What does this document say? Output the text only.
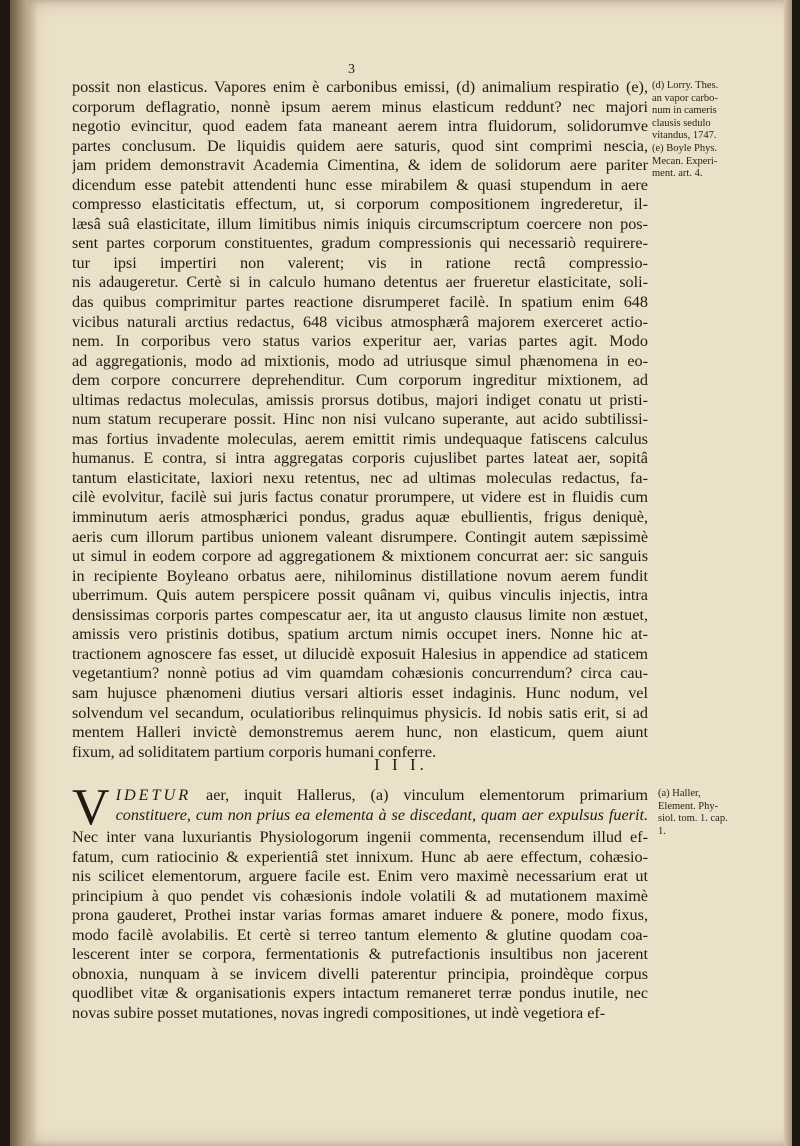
3
possit non elasticus. Vapores enim è carbonibus emissi, (d) animalium respiratio (e),
corporum deflagratio, nonnè ipsum aerem minus elasticum reddunt? nec majori
negotio evincitur, quod eadem fata maneant aerem intra fluidorum, solidorumve
partes conclusum. De liquidis quidem aere saturis, quod sint comprimi nescia,
jam pridem demonstravit Academia Cimentina, & idem de solidorum aere pariter
dicendum esse patebit attendenti hunc esse mirabilem & quasi stupendum in aere
compresso elasticitatis effectum, ut, si corporum compositionem ingrederetur, il-
læsâ suâ elasticitate, illum limitibus nimis iniquis circumscriptum coercere non pos-
sent partes corporum constituentes, gradum compressionis qui necessariò requirere-
tur ipsi impertiri non valerent; vis in ratione rectâ compressio-
nis adaugeretur. Certè si in calculo humano detentus aer frueretur elasticitate, soli-
das quibus comprimitur partes reactione disrumperet facilè. In spatium enim 648
vicibus naturali arctius redactus, 648 vicibus atmosphærâ majorem exerceret actio-
nem. In corporibus vero status varios experitur aer, varias partes agit. Modo
ad aggregationis, modo ad mixtionis, modo ad utriusque simul phænomena in eo-
dem corpore concurrere deprehenditur. Cum corporum ingreditur mixtionem, ad
ultimas redactus moleculas, amissis prorsus dotibus, majori indiget conatu ut pristi-
num statum recuperare possit. Hinc non nisi vulcano superante, aut acido subtilissi-
mas fortius invadente moleculas, aerem emittit rimis undequaque fatiscens calculus
humanus. E contra, si intra aggregatas corporis cujuslibet partes lateat aer, sopitâ
tantum elasticitate, laxiori nexu retentus, nec ad ultimas moleculas redactus, fa-
cilè evolvitur, facilè sui juris factus conatur prorumpere, ut videre est in fluidis cum
imminutum aeris atmosphærici pondus, gradus aquæ ebullientis, frigus deniquè,
aeris cum illorum partibus unionem valeant disrumpere. Contingit autem sæpissimè
ut simul in eodem corpore ad aggregationem & mixtionem concurrat aer: sic sanguis
in recipiente Boyleano orbatus aere, nihilominus distillatione novum aerem fundit
uberrimum. Quis autem perspicere possit quânam vi, quibus vinculis injectis, intra
densissimas corporis partes compescatur aer, ita ut angusto clausus limite non æstuet,
amissis vero pristinis dotibus, spatium arctum nimis occupet iners. Nonne hic at-
tractionem agnoscere fas esset, ut dilucidè exposuit Halesius in appendice ad staticem
vegetantium? nonnè potius ad vim quamdam cohæsionis concurrendum? circa cau-
sam hujusce phænomeni diutius versari altioris esset indaginis. Hunc nodum, vel
solvendum vel secandum, oculatioribus relinquimus physicis. Id nobis satis erit, si ad
mentem Halleri invictè demonstremus aerem hunc, non elasticum, quem aiunt
fixum, ad soliditatem partium corporis humani conferre.
(d) Lorry. Thes.
an vapor carbo-
num in cameris
clausis sedulo
vitandus, 1747.
(e) Boyle Phys.
Mecan. Experi-
ment. art. 4.
I I I.
V IDETUR aer, inquit Hallerus, (a) vinculum elementorum primarium
constituere, cum non prius ea elementa à se discedant, quam aer expulsus fuerit.
Nec inter vana luxuriantis Physiologorum ingenii commenta, recensendum illud ef-
fatum, cum ratiocinio & experientiâ stet innixum. Hunc ab aere effectum, cohæsio-
nis scilicet elementorum, arguere facile est. Enim vero maximè necessarium erat ut
principium à quo pendet vis cohæsionis indole volatili & ad mutationem maximè
prona gauderet, Prothei instar varias formas amaret induere & ponere, modo fixus,
modo facilè avolabilis. Et certè si terreo tantum elemento & glutine quodam coa-
lescerent inter se corpora, fermentationis & putrefactionis insultibus non jacerent
obnoxia, nunquam à se invicem divelli paterentur principia, proindèque corpus
quodlibet vitæ & organisationis expers intactum remaneret terræ pondus inutile, nec
novas subire posset mutationes, novas ingredi compositiones, ut indè vegetiora ef-
(a) Haller,
Element. Phy-
siol. tom. 1. cap.
1.
